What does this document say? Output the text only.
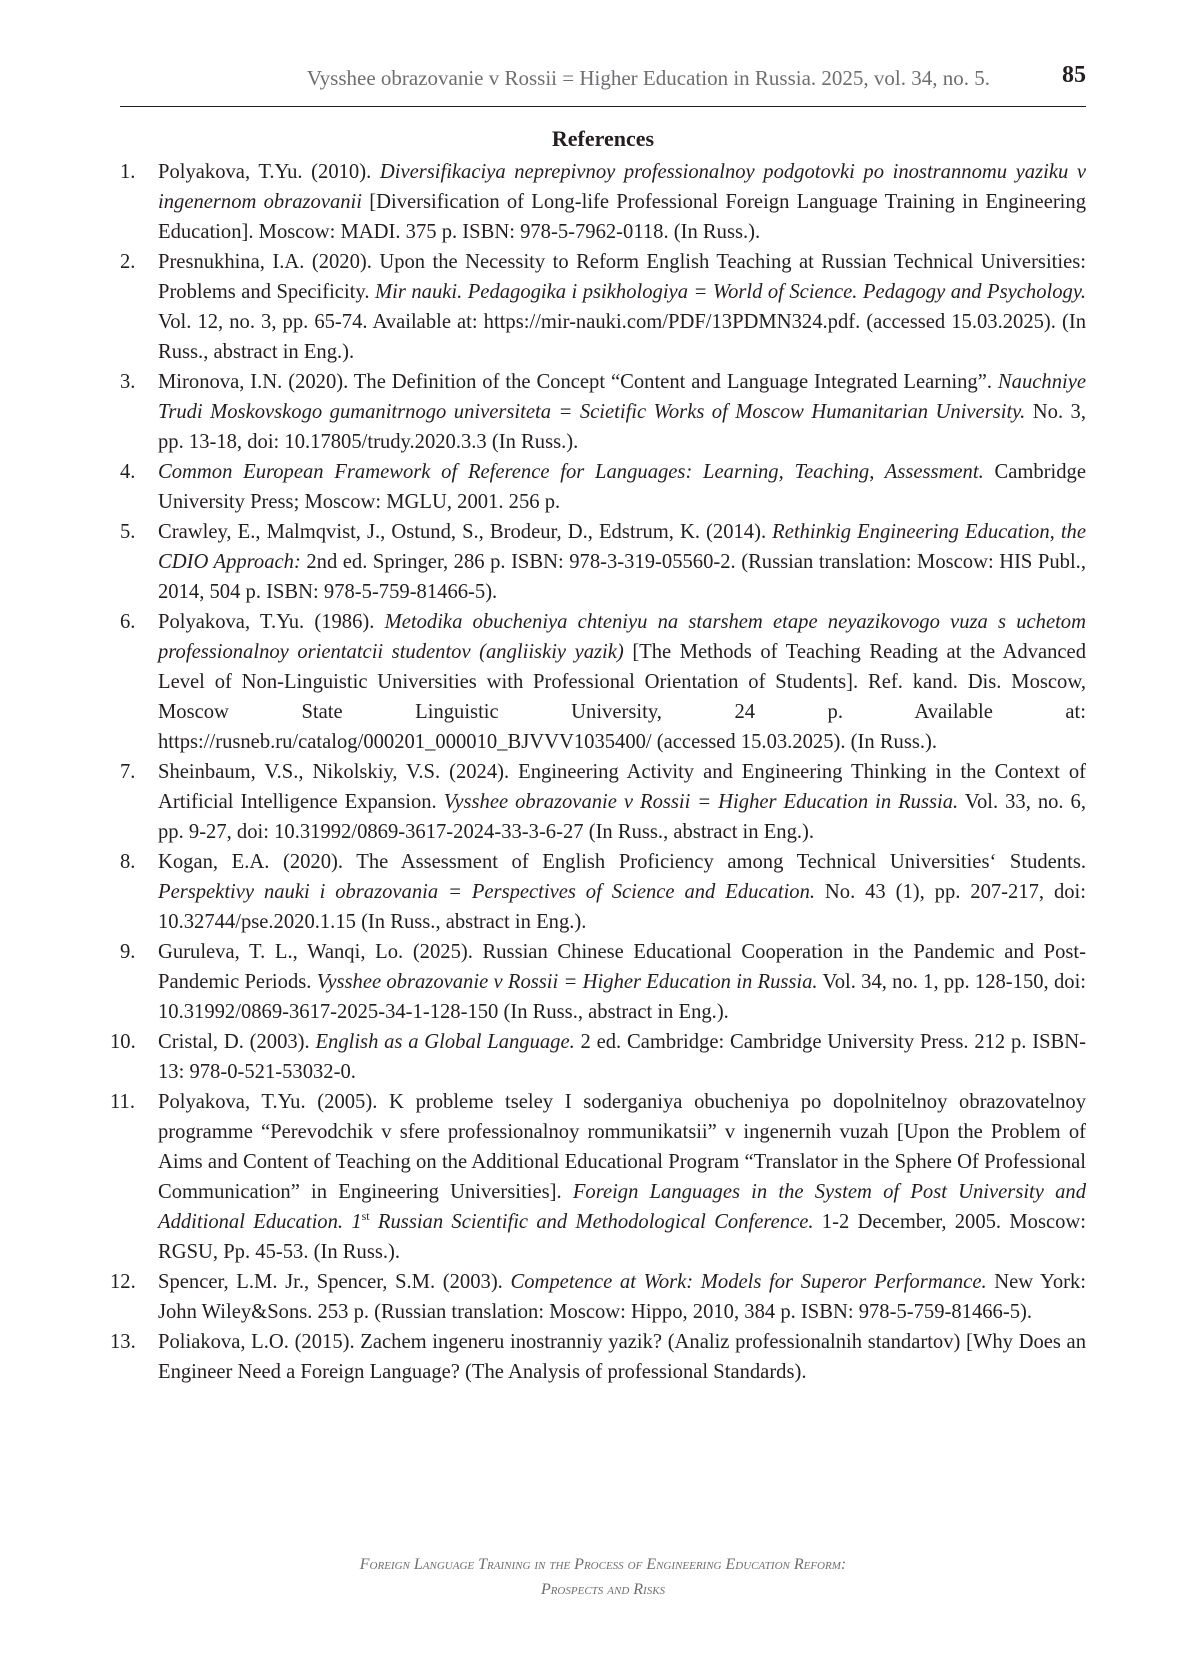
Vysshee obrazovanie v Rossii = Higher Education in Russia. 2025, vol. 34, no. 5.	85
References
1. Polyakova, T.Yu. (2010). Diversifikaciya neprepivnoy professionalnoy podgotovki po inostrannomu yaziku v ingenernom obrazovanii [Diversification of Long-life Professional Foreign Language Training in Engineering Education]. Moscow: MADI. 375 p. ISBN: 978-5-7962-0118. (In Russ.).
2. Presnukhina, I.A. (2020). Upon the Necessity to Reform English Teaching at Russian Technical Universities: Problems and Specificity. Mir nauki. Pedagogika i psikhologiya = World of Science. Pedagogy and Psychology. Vol. 12, no. 3, pp. 65-74. Available at: https://mir-nauki.com/PDF/13PDMN324.pdf. (accessed 15.03.2025). (In Russ., abstract in Eng.).
3. Mironova, I.N. (2020). The Definition of the Concept “Content and Language Integrated Learning”. Nauchniye Trudi Moskovskogo gumanitrnogo universiteta = Scietific Works of Moscow Humanitarian University. No. 3, pp. 13-18, doi: 10.17805/trudy.2020.3.3 (In Russ.).
4. Common European Framework of Reference for Languages: Learning, Teaching, Assessment. Cambridge University Press; Moscow: MGLU, 2001. 256 p.
5. Crawley, E., Malmqvist, J., Ostund, S., Brodeur, D., Edstrum, K. (2014). Rethinkig Engineering Education, the CDIO Approach: 2nd ed. Springer, 286 p. ISBN: 978-3-319-05560-2. (Russian translation: Moscow: HIS Publ., 2014, 504 p. ISBN: 978-5-759-81466-5).
6. Polyakova, T.Yu. (1986). Metodika obucheniya chteniyu na starshem etape neyazikovogo vuza s uchetom professionalnoy orientatcii studentov (angliiskiy yazik) [The Methods of Teaching Reading at the Advanced Level of Non-Linguistic Universities with Professional Orientation of Students]. Ref. kand. Dis. Moscow, Moscow State Linguistic University, 24 p. Available at: https://rusneb.ru/catalog/000201_000010_BJVVV1035400/ (accessed 15.03.2025). (In Russ.).
7. Sheinbaum, V.S., Nikolskiy, V.S. (2024). Engineering Activity and Engineering Thinking in the Context of Artificial Intelligence Expansion. Vysshee obrazovanie v Rossii = Higher Education in Russia. Vol. 33, no. 6, pp. 9-27, doi: 10.31992/0869-3617-2024-33-3-6-27 (In Russ., abstract in Eng.).
8. Kogan, E.A. (2020). The Assessment of English Proficiency among Technical Universities‘ Students. Perspektivy nauki i obrazovania = Perspectives of Science and Education. No. 43 (1), pp. 207-217, doi: 10.32744/pse.2020.1.15 (In Russ., abstract in Eng.).
9. Guruleva, T. L., Wanqi, Lo. (2025). Russian Chinese Educational Cooperation in the Pandemic and Post-Pandemic Periods. Vysshee obrazovanie v Rossii = Higher Education in Russia. Vol. 34, no. 1, pp. 128-150, doi: 10.31992/0869-3617-2025-34-1-128-150 (In Russ., abstract in Eng.).
10. Cristal, D. (2003). English as a Global Language. 2 ed. Cambridge: Cambridge University Press. 212 p. ISBN-13: 978-0-521-53032-0.
11. Polyakova, T.Yu. (2005). K probleme tseley I soderganiya obucheniya po dopolnitelnoy obrazovatelnoy programme “Perevodchik v sfere professionalnoy rommunikatsii” v ingenernih vuzah [Upon the Problem of Aims and Content of Teaching on the Additional Educational Program “Translator in the Sphere Of Professional Communication” in Engineering Universities]. Foreign Languages in the System of Post University and Additional Education. 1st Russian Scientific and Methodological Conference. 1-2 December, 2005. Moscow: RGSU, Pp. 45-53. (In Russ.).
12. Spencer, L.M. Jr., Spencer, S.M. (2003). Competence at Work: Models for Superor Performance. New York: John Wiley&Sons. 253 p. (Russian translation: Moscow: Hippo, 2010, 384 p. ISBN: 978-5-759-81466-5).
13. Poliakova, L.O. (2015). Zachem ingeneru inostranniy yazik? (Analiz professionalnih standartov) [Why Does an Engineer Need a Foreign Language? (The Analysis of professional Standards).
Foreign Language Training in the Process of Engineering Education Reform:
Prospects and Risks
